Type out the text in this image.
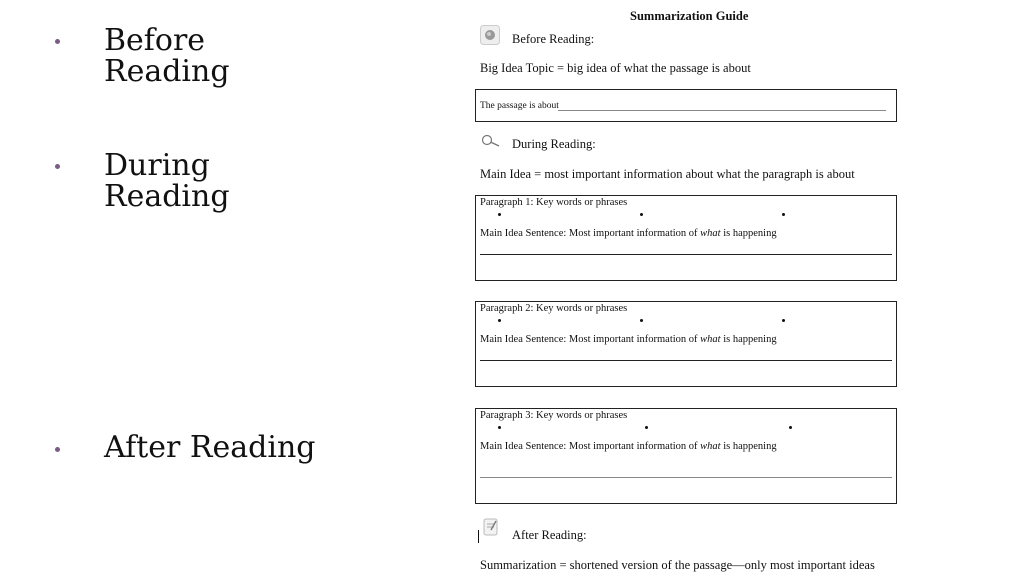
Before
Reading
During
Reading
After Reading
Summarization Guide
Before Reading:
Big Idea Topic = big idea of what the passage is about
The passage is about
During Reading:
Main Idea = most important information about what the paragraph is about
Paragraph 1: Key words or phrases
Main Idea Sentence: Most important information of what is happening
Paragraph 2: Key words or phrases
Main Idea Sentence: Most important information of what is happening
Paragraph 3: Key words or phrases
Main Idea Sentence: Most important information of what is happening
After Reading:
Summarization = shortened version of the passage—only most important ideas
